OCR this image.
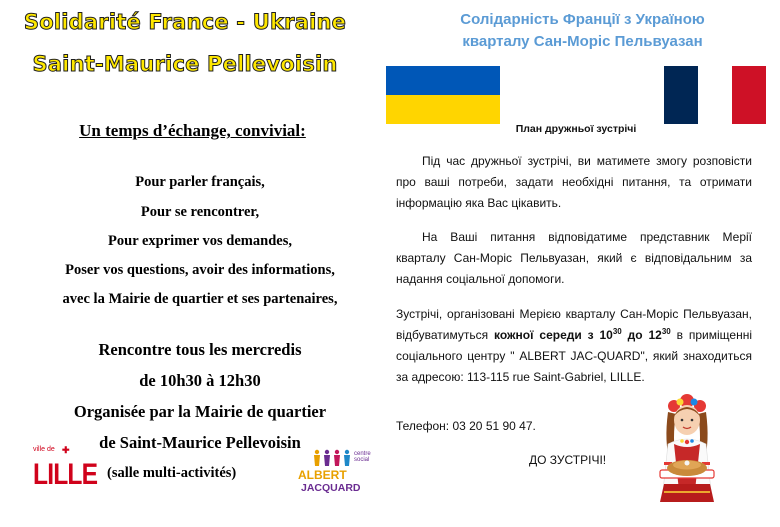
Solidarité France - Ukraine
Saint-Maurice Pellevoisin
Un temps d’échange, convivial:
Pour parler français,
Pour se rencontrer,
Pour exprimer vos demandes,
Poser vos questions, avoir des informations,
avec la Mairie de quartier et ses partenaires,
Rencontre tous les mercredis
de 10h30 à 12h30
Organisée par la Mairie de quartier
de Saint-Maurice Pellevoisin
(salle multi-activités)
ville de ✚
LILLE
centre social
ALBERT
JACQUARD
Солідарність Франції з Україною
кварталу Сан-Моріс Пельвуазан
План дружньої зустрічі
Під час дружньої зустрічі, ви матимете змогу розповісти про ваші потреби, задати необхідні питання, та отримати інформацію яка Вас цікавить.
На Ваші питання відповідатиме представник Мерії кварталу Сан-Моріс Пельвуазан, який є відповідальним за надання соціальної допомоги.
Зустрічі, організовані Мерією кварталу Сан-Моріс Пельвуазан, відбуватимуться кожної середи з $10^{30}$ до $12^{30}$ в приміщенні соціального центру " ALBERT JAC-QUARD", який знаходиться за адресою: 113-115 rue Saint-Gabriel, LILLE.
Телефон: 03 20 51 90 47.
ДО ЗУСТРІЧІ!
